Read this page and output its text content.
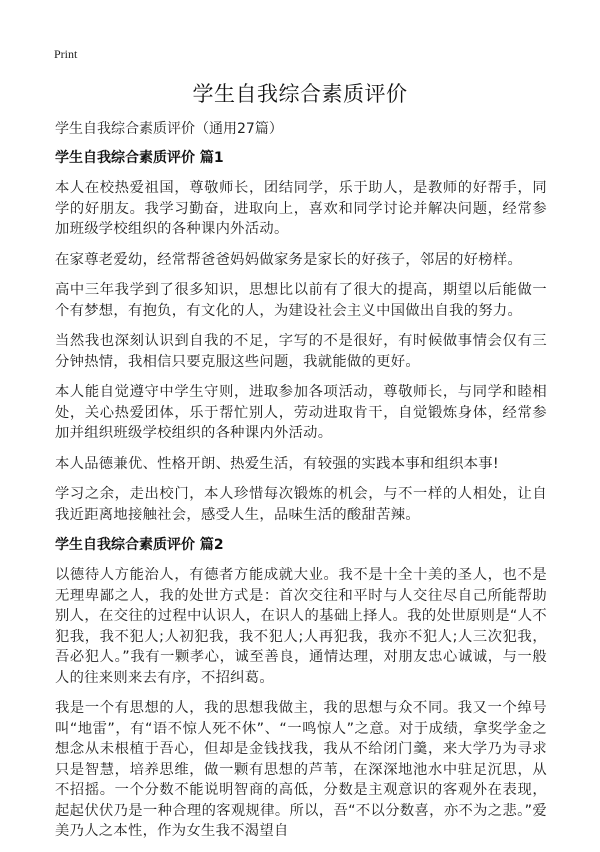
Print
学生自我综合素质评价
学生自我综合素质评价（通用27篇）
学生自我综合素质评价 篇1

本人在校热爱祖国，尊敬师长，团结同学，乐于助人，是教师的好帮手，同学的好朋友。我学习勤奋，进取向上，喜欢和同学讨论并解决问题，经常参加班级学校组织的各种课内外活动。

在家尊老爱幼，经常帮爸爸妈妈做家务是家长的好孩子，邻居的好榜样。

高中三年我学到了很多知识，思想比以前有了很大的提高，期望以后能做一个有梦想，有抱负，有文化的人，为建设社会主义中国做出自我的努力。

当然我也深刻认识到自我的不足，字写的不是很好，有时候做事情会仅有三分钟热情，我相信只要克服这些问题，我就能做的更好。

本人能自觉遵守中学生守则，进取参加各项活动，尊敬师长，与同学和睦相处，关心热爱团体，乐于帮忙别人，劳动进取肯干，自觉锻炼身体，经常参加并组织班级学校组织的各种课内外活动。

本人品德兼优、性格开朗、热爱生活，有较强的实践本事和组织本事!

学习之余，走出校门，本人珍惜每次锻炼的机会，与不一样的人相处，让自我近距离地接触社会，感受人生，品味生活的酸甜苦辣。

学生自我综合素质评价 篇2

以德待人方能治人，有德者方能成就大业。我不是十全十美的圣人，也不是无理卑鄙之人，我的处世方式是：首次交往和平时与人交往尽自己所能帮助别人，在交往的过程中认识人，在识人的基础上择人。我的处世原则是“人不犯我，我不犯人;人初犯我，我不犯人;人再犯我，我亦不犯人;人三次犯我，吾必犯人。”我有一颗孝心，诚至善良，通情达理，对朋友忠心诚诚，与一般人的往来则来去有序，不招纠葛。

我是一个有思想的人，我的思想我做主，我的思想与众不同。我又一个绰号叫“地雷”，有“语不惊人死不休”、“一鸣惊人”之意。对于成绩，拿奖学金之想念从未根植于吾心，但却是金钱找我，我从不给闭门羹，来大学乃为寻求只是智慧，培养思维，做一颗有思想的芦苇，在深深地池水中驻足沉思，从不招摇。一个分数不能说明智商的高低，分数是主观意识的客观外在表现，起起伏伏乃是一种合理的客观规律。所以，吾“不以分数喜，亦不为之悲。”爱美乃人之本性，作为女生我不渴望自
